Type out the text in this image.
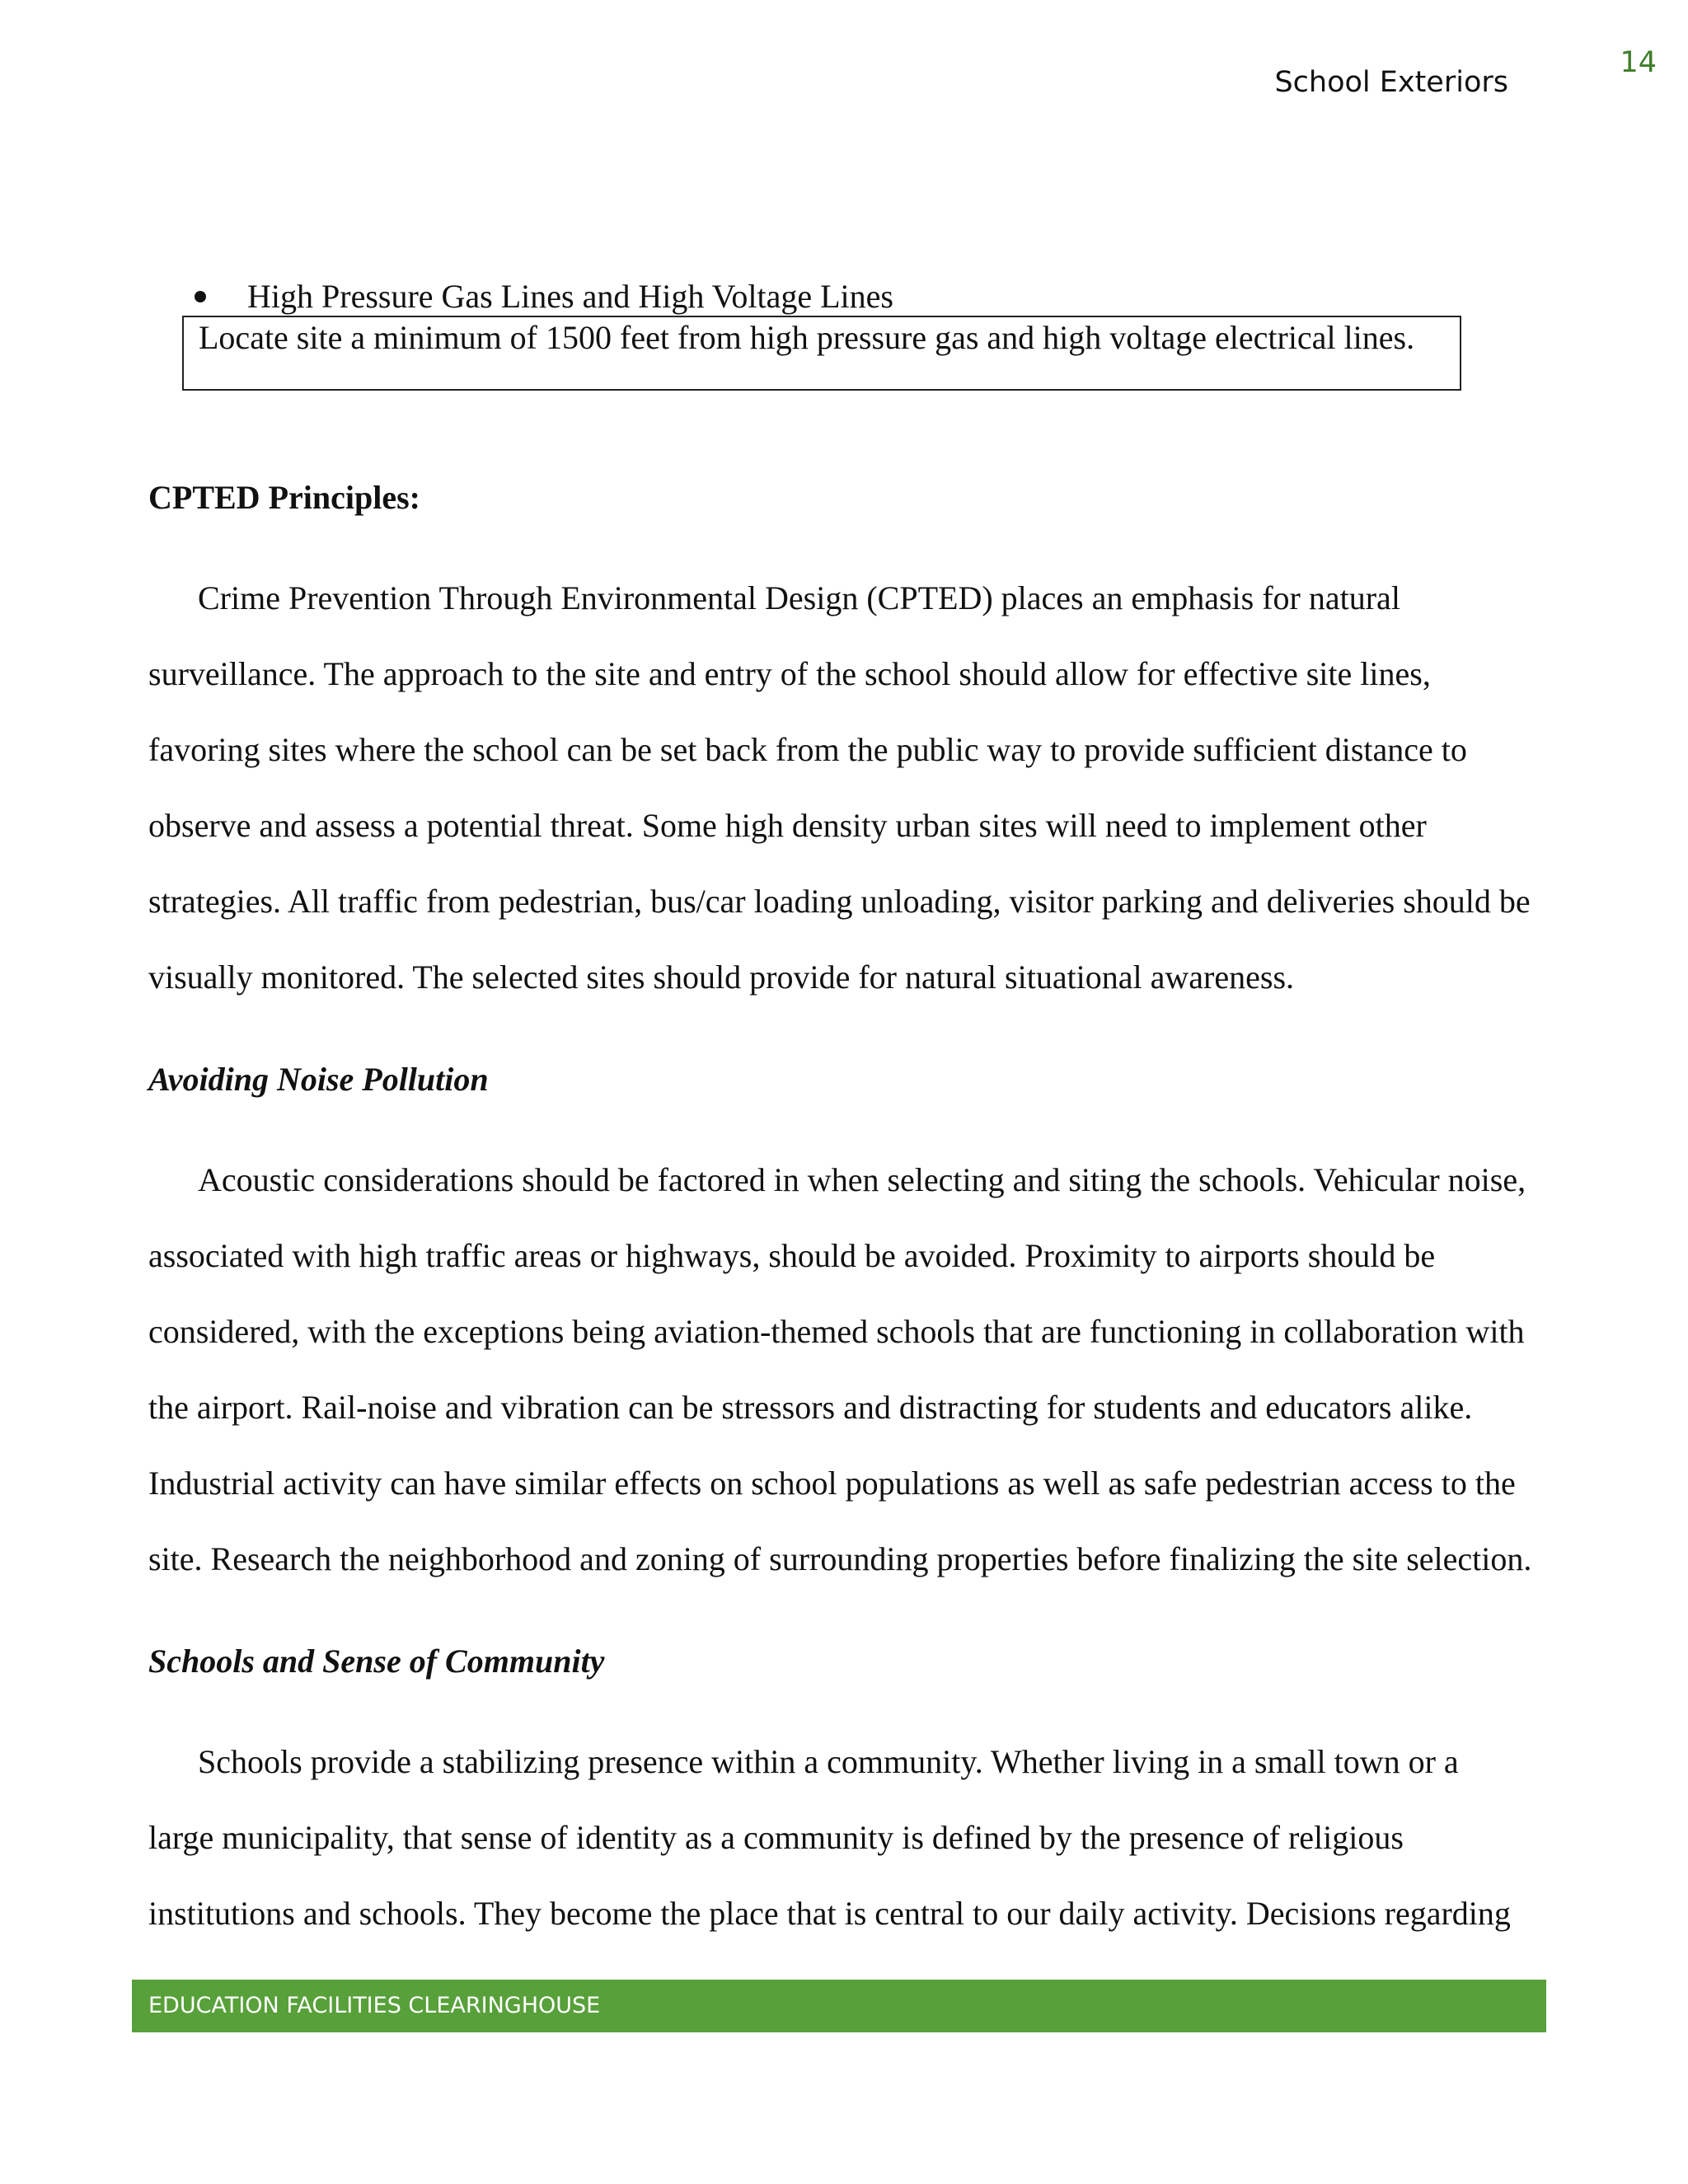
School Exteriors
14
High Pressure Gas Lines and High Voltage Lines
Locate site a minimum of 1500 feet from high pressure gas and high voltage electrical lines.
CPTED Principles:
Crime Prevention Through Environmental Design (CPTED) places an emphasis for natural
surveillance. The approach to the site and entry of the school should allow for effective site lines,
favoring sites where the school can be set back from the public way to provide sufficient distance to
observe and assess a potential threat. Some high density urban sites will need to implement other
strategies. All traffic from pedestrian, bus/car loading unloading, visitor parking and deliveries should be
visually monitored. The selected sites should provide for natural situational awareness.
Avoiding Noise Pollution
Acoustic considerations should be factored in when selecting and siting the schools. Vehicular noise,
associated with high traffic areas or highways, should be avoided. Proximity to airports should be
considered, with the exceptions being aviation-themed schools that are functioning in collaboration with
the airport. Rail-noise and vibration can be stressors and distracting for students and educators alike.
Industrial activity can have similar effects on school populations as well as safe pedestrian access to the
site. Research the neighborhood and zoning of surrounding properties before finalizing the site selection.
Schools and Sense of Community
Schools provide a stabilizing presence within a community. Whether living in a small town or a
large municipality, that sense of identity as a community is defined by the presence of religious
institutions and schools. They become the place that is central to our daily activity. Decisions regarding
EDUCATION FACILITIES CLEARINGHOUSE
